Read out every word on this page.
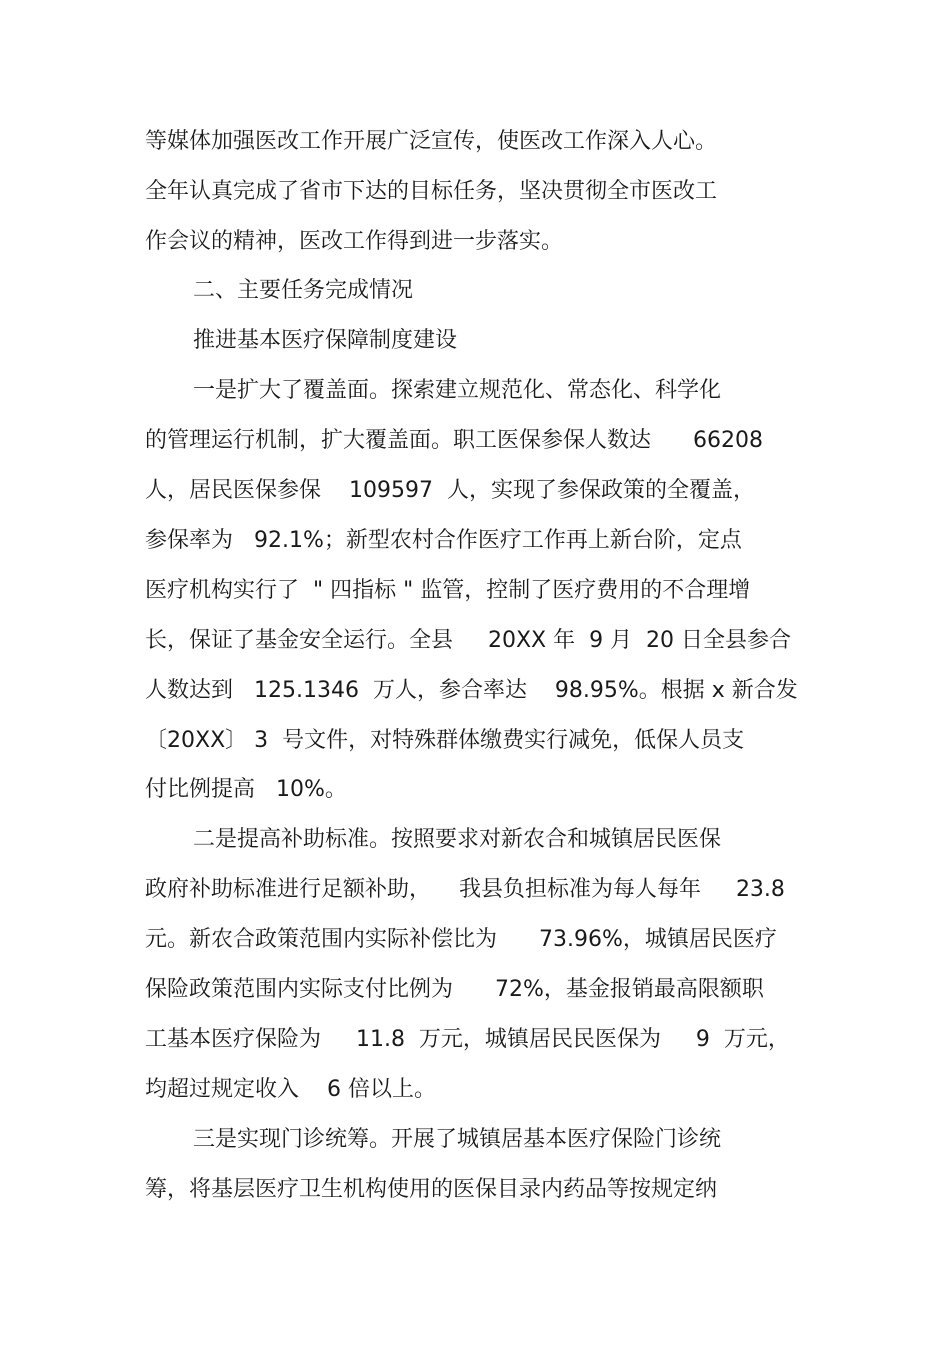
等媒体加强医改工作开展广泛宣传，使医改工作深入人心。

全年认真完成了省市下达的目标任务，坚决贯彻全市医改工

作会议的精神，医改工作得到进一步落实。

二、主要任务完成情况

推进基本医疗保障制度建设

一是扩大了覆盖面。探索建立规范化、常态化、科学化

的管理运行机制，扩大覆盖面。职工医保参保人数达      66208

人，居民医保参保    109597  人，实现了参保政策的全覆盖，

参保率为   92.1%；新型农村合作医疗工作再上新台阶，定点

医疗机构实行了  " 四指标 " 监管，控制了医疗费用的不合理增

长，保证了基金安全运行。全县     20XX 年  9 月  20 日全县参合

人数达到   125.1346  万人，参合率达    98.95%。根据 x 新合发

〔20XX〕 3  号文件，对特殊群体缴费实行减免，低保人员支

付比例提高   10%。

二是提高补助标准。按照要求对新农合和城镇居民医保

政府补助标准进行足额补助，    我县负担标准为每人每年     23.8

元。新农合政策范围内实际补偿比为      73.96%，城镇居民医疗

保险政策范围内实际支付比例为      72%，基金报销最高限额职

工基本医疗保险为     11.8  万元，城镇居民民医保为     9  万元，

均超过规定收入    6 倍以上。

三是实现门诊统筹。开展了城镇居基本医疗保险门诊统

筹，将基层医疗卫生机构使用的医保目录内药品等按规定纳
